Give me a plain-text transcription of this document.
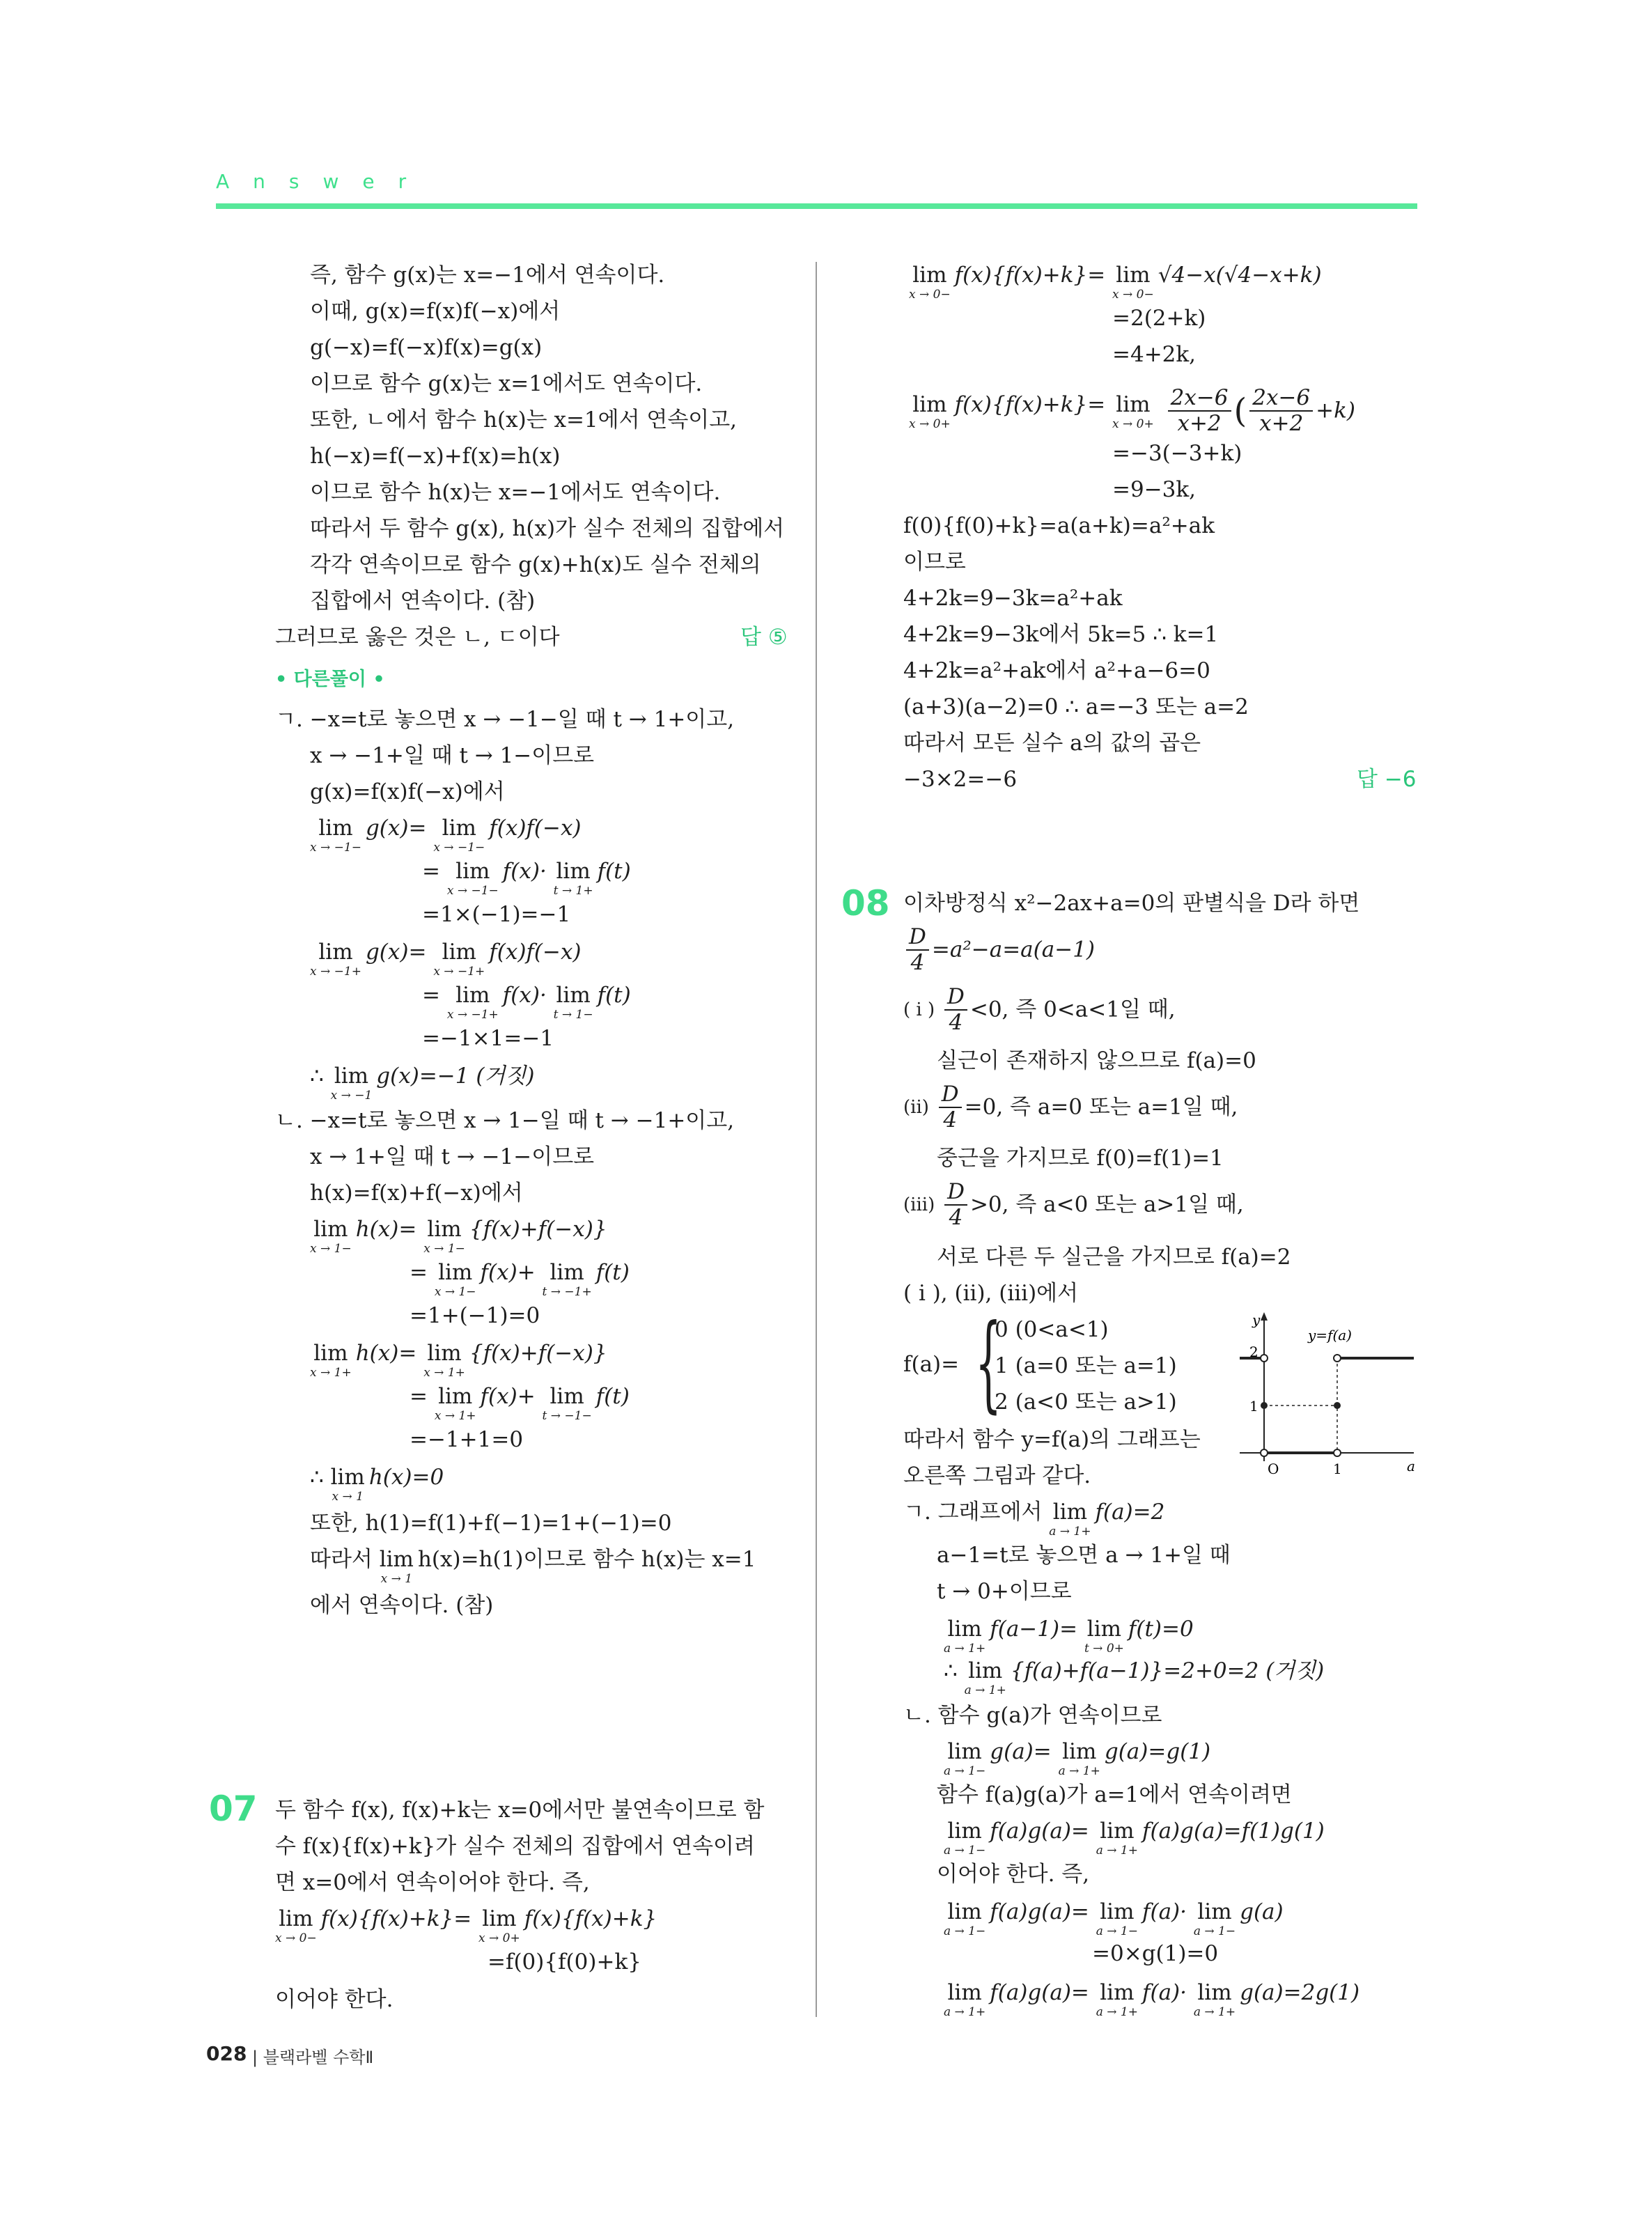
Answer
즉, 함수 g(x)는 x=−1에서 연속이다.
이때, g(x)=f(x)f(−x)에서
g(−x)=f(−x)f(x)=g(x)
이므로 함수 g(x)는 x=1에서도 연속이다.
또한, ㄴ에서 함수 h(x)는 x=1에서 연속이고,
h(−x)=f(−x)+f(x)=h(x)
이므로 함수 h(x)는 x=−1에서도 연속이다.
따라서 두 함수 g(x), h(x)가 실수 전체의 집합에서
각각 연속이므로 함수 g(x)+h(x)도 실수 전체의
집합에서 연속이다. (참)
그러므로 옳은 것은 ㄴ, ㄷ이다	답 ⑤
• 다른풀이 •
ㄱ. −x=t로 놓으면 x → −1−일 때 t → 1+이고,
x → −1+일 때 t → 1−이므로
g(x)=f(x)f(−x)에서
lim
x → −1−
g(x)= lim
x → −1−
f(x)f(−x)
= lim
x → −1−
f(x)· lim
t → 1+
f(t)
=1×(−1)=−1
lim
x → −1+
g(x)= lim
x → −1+
f(x)f(−x)
= lim
x → −1+
f(x)· lim
t → 1−
f(t)
=−1×1=−1
∴ lim
x → −1
g(x)=−1 (거짓)
ㄴ. −x=t로 놓으면 x → 1−일 때 t → −1+이고,
x → 1+일 때 t → −1−이므로
h(x)=f(x)+f(−x)에서
lim
x → 1−
h(x)= lim
x → 1−
{f(x)+f(−x)}
= lim
x → 1−
f(x)+ lim
t → −1+
f(t)
=1+(−1)=0
lim
x → 1+
h(x)= lim
x → 1+
{f(x)+f(−x)}
= lim
x → 1+
f(x)+ lim
t → −1−
f(t)
=−1+1=0
∴ lim
x → 1
h(x)=0
또한, h(1)=f(1)+f(−1)=1+(−1)=0
따라서 lim
x → 1
h(x)=h(1)이므로 함수 h(x)는 x=1
에서 연속이다. (참)
07 두 함수 f(x), f(x)+k는 x=0에서만 불연속이므로 함
수 f(x){f(x)+k}가 실수 전체의 집합에서 연속이려
면 x=0에서 연속이어야 한다. 즉,
lim
x → 0−
f(x){f(x)+k}= lim
x → 0+
f(x){f(x)+k}
=f(0){f(0)+k}
이어야 한다.
lim
x → 0−
f(x){f(x)+k}= lim
x → 0−
√4−x(√4−x+k)
=2(2+k)
=4+2k,
lim
x → 0+
f(x){f(x)+k}= lim
x → 0+
$\frac{2x-6}{x+2}$ ( $\frac{2x-6}{x+2} +k$)
=−3(−3+k)
=9−3k,
f(0){f(0)+k}=a(a+k)=a²+ak
이므로
4+2k=9−3k=a²+ak
4+2k=9−3k에서 5k=5 ∴ k=1
4+2k=a²+ak에서 a²+a−6=0
(a+3)(a−2)=0 ∴ a=−3 또는 a=2
따라서 모든 실수 a의 값의 곱은
−3×2=−6	답 −6
08 이차방정식 x²−2ax+a=0의 판별식을 D라 하면
$\frac{D}{4} =a^2-a=a(a-1)$
( i ) $\frac{D}{4} <0$, 즉 0<a<1일 때,
실근이 존재하지 않으므로 f(a)=0
$(ii) \frac{D}{4} =0$, 즉 a=0 또는 a=1일 때,
중근을 가지므로 f(0)=f(1)=1
$(iii) \frac{D}{4} >0$, 즉 a<0 또는 a>1일 때,
서로 다른 두 실근을 가지므로 f(a)=2
( i ), (ii), (iii)에서
f(a)= {
0 (0<a<1)
1 (a=0 또는 a=1)
2 (a<0 또는 a>1)
따라서 함수 y=f(a)의 그래프는
오른쪽 그림과 같다.
y
y=f(a)
2
1
O	1	a
ㄱ. 그래프에서 lim
a → 1+
f(a)=2
a−1=t로 놓으면 a → 1+일 때
t → 0+이므로
lim
a → 1+
f(a−1)= lim
t → 0+
f(t)=0
∴ lim
a → 1+
{f(a)+f(a−1)}=2+0=2 (거짓)
ㄴ. 함수 g(a)가 연속이므로
lim
a → 1−
g(a)= lim
a → 1+
g(a)=g(1)
함수 f(a)g(a)가 a=1에서 연속이려면
lim
a → 1−
f(a)g(a)= lim
a → 1+
f(a)g(a)=f(1)g(1)
이어야 한다. 즉,
lim
a → 1−
f(a)g(a)= lim
a → 1−
f(a)· lim
a → 1−
g(a)
=0×g(1)=0
lim
a → 1+
f(a)g(a)= lim
a → 1+
f(a)· lim
a → 1+
g(a)=2g(1)
028 | 블랙라벨 수학Ⅱ
